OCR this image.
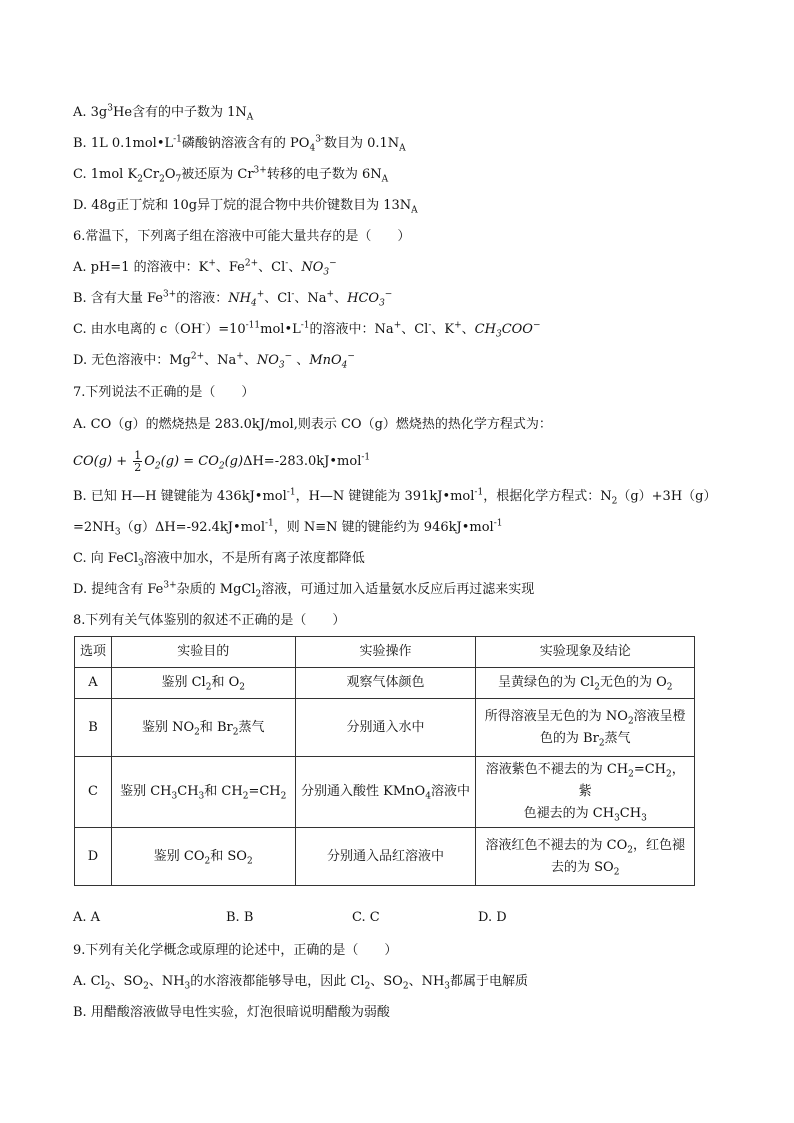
A. $3g^3He$含有的中子数为 $1N_A$
B. 1L $0.1mol•L^{-1}$磷酸钠溶液含有的 $PO_4^{3-}$数目为 $0.1N_A$
C. 1mol $K_2Cr_2O_7$被还原为 $Cr^{3+}$转移的电子数为 $6N_A$
D. 48g正丁烷和 10g异丁烷的混合物中共价键数目为 $13N_A$
6.常温下，下列离子组在溶液中可能大量共存的是（　　）
A. pH=1 的溶液中：K+、$Fe^{2+}$、Cl-、$NO_3^-$
B. 含有大量 $Fe^{3+}$的溶液：$NH_4^+$、Cl-、Na+、$HCO_3^-$
C. 由水电离的 $c(OH^-)=10^{-11}mol•L^{-1}$的溶液中：Na+、Cl-、K+、$CH_3COO^-$
D. 无色溶液中：$Mg^{2+}$、Na+、$NO_3^-$ 、MnO$_4$−
7.下列说法不正确的是（　　）
A. CO（g）的燃烧热是 283.0kJ/mol,则表示 CO（g）燃烧热的热化学方程式为：
$CO(g) + \frac{1}{2} O_2(g)$ = $CO_2(g)\Delta H=-283.0kJ•mol^{-1}$
B. 已知 H—H 键键能为 436kJ•mol$^{-1}$，H—N 键键能为 391kJ•mol$^{-1}$，根据化学方程式：$N_2(g)+3H(g)$
$=2NH_3(g)\Delta H=-92.4kJ•mol^{-1}$，则 N≡N 键的键能约为 946kJ•mol$^{-1}$
C. 向 FeCl$_3$溶液中加水，不是所有离子浓度都降低
D. 提纯含有 $Fe^{3+}$杂质的 MgCl$_2$溶液，可通过加入适量氨水反应后再过滤来实现
8.下列有关气体鉴别的叙述不正确的是（　　）
选项	实验目的	实验操作	实验现象及结论
A	鉴别 $Cl_2$和 $O_2$	观察气体颜色	呈黄绿色的为 $Cl_2$无色的为 $O_2$
B	鉴别 $NO_2$和 $Br_2$蒸气	分别通入水中	所得溶液呈无色的为 $NO_2$溶液呈橙
色的为 $Br_2$蒸气
C	鉴别 $CH_3CH_3$和 $CH_2=CH_2$	分别通入酸性 KMnO$_4$溶液中	溶液紫色不褪去的为 $CH_2=CH_2$，紫
色褪去的为 $CH_3CH_3$
D	鉴别 $CO_2$和 $SO_2$	分别通入品红溶液中	溶液红色不褪去的为 $CO_2$，红色褪
去的为 $SO_2$
A. A	B. B	C. C	D. D
9.下列有关化学概念或原理的论述中，正确的是（　　）
A. $Cl_2$、$SO_2$、$NH_3$的水溶液都能够导电，因此 $Cl_2$、$SO_2$、$NH_3$都属于电解质
B. 用醋酸溶液做导电性实验，灯泡很暗说明醋酸为弱酸
